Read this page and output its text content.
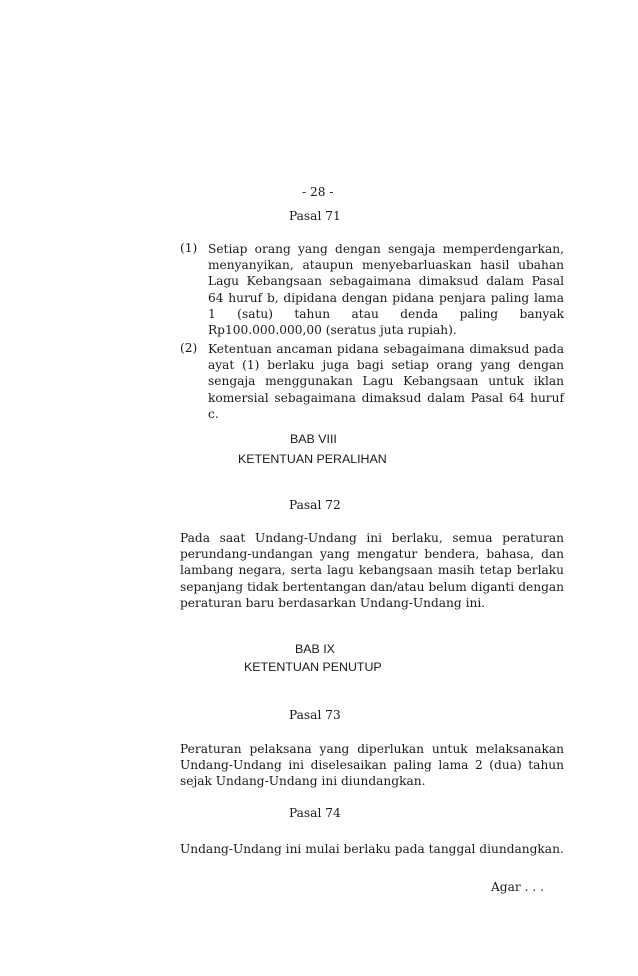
- 28 -
Pasal 71
(1) Setiap orang yang dengan sengaja memperdengarkan, menyanyikan, ataupun menyebarluaskan hasil ubahan Lagu Kebangsaan sebagaimana dimaksud dalam Pasal 64 huruf b, dipidana dengan pidana penjara paling lama 1 (satu) tahun atau denda paling banyak Rp100.000.000,00 (seratus juta rupiah).
(2) Ketentuan ancaman pidana sebagaimana dimaksud pada ayat (1) berlaku juga bagi setiap orang yang dengan sengaja menggunakan Lagu Kebangsaan untuk iklan komersial sebagaimana dimaksud dalam Pasal 64 huruf c.
BAB VIII
KETENTUAN PERALIHAN
Pasal 72
Pada saat Undang-Undang ini berlaku, semua peraturan perundang-undangan yang mengatur bendera, bahasa, dan lambang negara, serta lagu kebangsaan masih tetap berlaku sepanjang tidak bertentangan dan/atau belum diganti dengan peraturan baru berdasarkan Undang-Undang ini.
BAB IX
KETENTUAN PENUTUP
Pasal 73
Peraturan pelaksana yang diperlukan untuk melaksanakan Undang-Undang ini diselesaikan paling lama 2 (dua) tahun sejak Undang-Undang ini diundangkan.
Pasal 74
Undang-Undang ini mulai berlaku pada tanggal diundangkan.
Agar . . .
